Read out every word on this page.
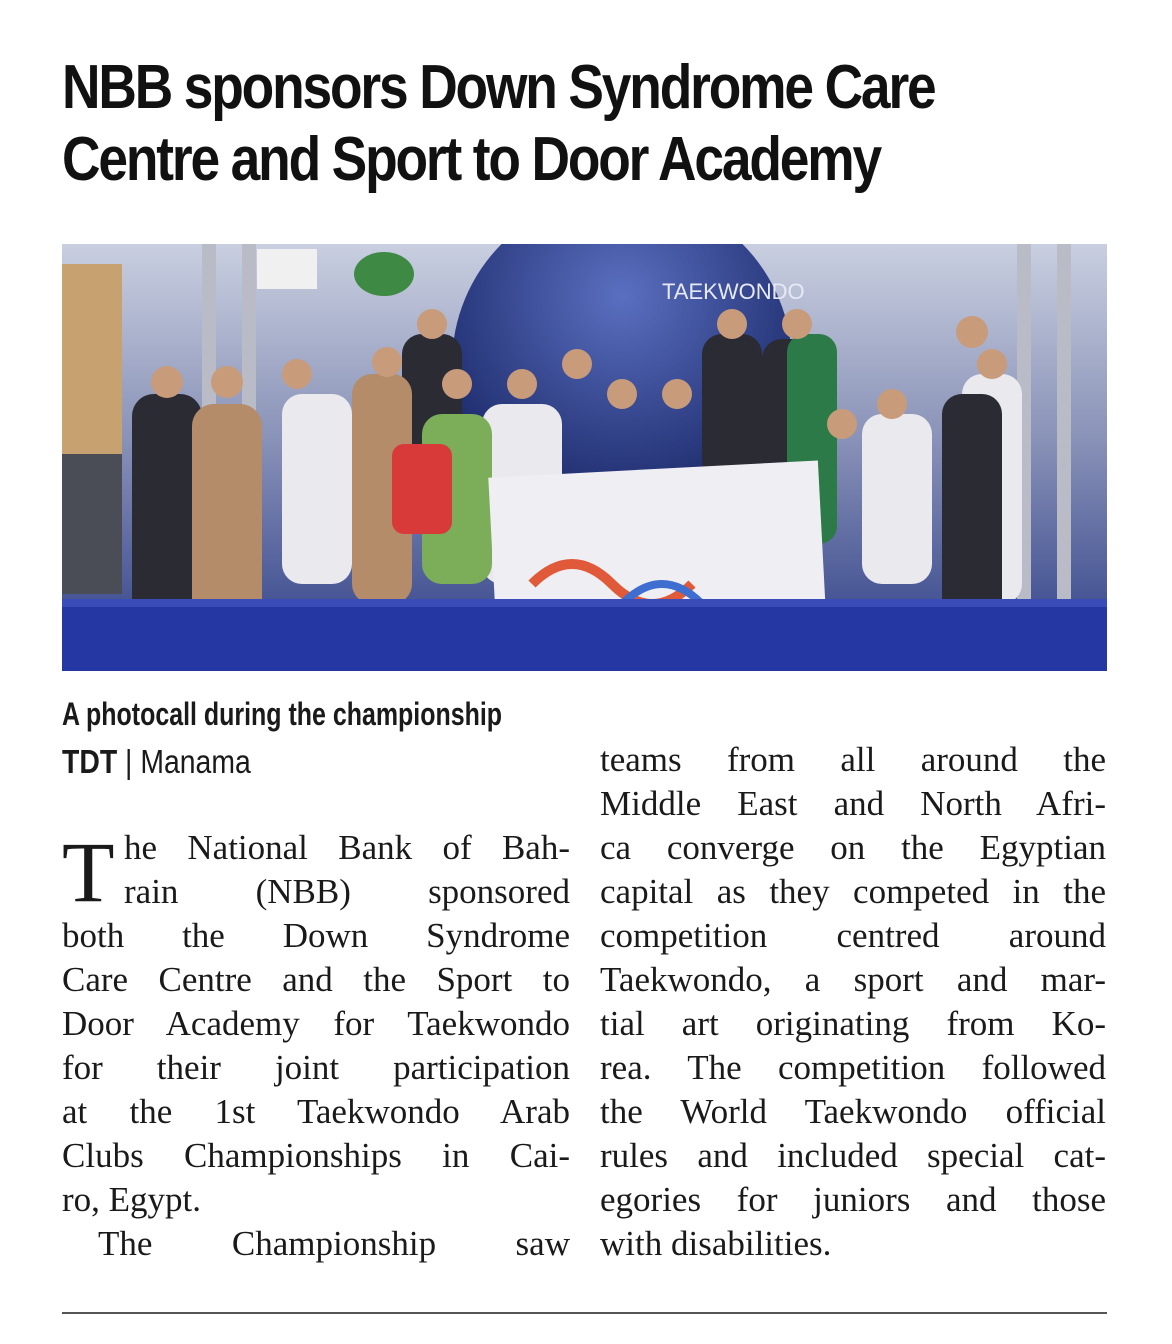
NBB sponsors Down Syndrome Care
Centre and Sport to Door Academy
TAEKWONDO

A photocall during the championship

TDT | Manama

T he National Bank of Bah-
rain (NBB) sponsored
both the Down Syndrome
Care Centre and the Sport to
Door Academy for Taekwondo
for their joint participation
at the 1st Taekwondo Arab
Clubs Championships in Cai-
ro, Egypt.
The Championship saw
teams from all around the
Middle East and North Afri-
ca converge on the Egyptian
capital as they competed in the
competition centred around
Taekwondo, a sport and mar-
tial art originating from Ko-
rea. The competition followed
the World Taekwondo official
rules and included special cat-
egories for juniors and those
with disabilities.
